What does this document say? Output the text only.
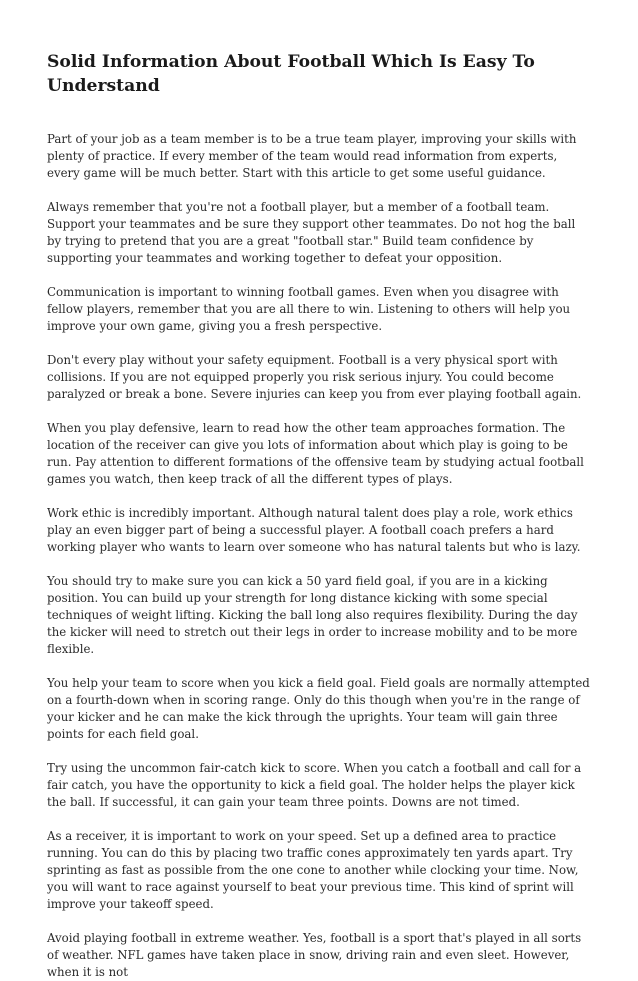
Solid Information About Football Which Is Easy To Understand

Part of your job as a team member is to be a true team player, improving your skills with plenty of practice. If every member of the team would read information from experts, every game will be much better. Start with this article to get some useful guidance.

Always remember that you're not a football player, but a member of a football team. Support your teammates and be sure they support other teammates. Do not hog the ball by trying to pretend that you are a great "football star." Build team confidence by supporting your teammates and working together to defeat your opposition.

Communication is important to winning football games. Even when you disagree with fellow players, remember that you are all there to win. Listening to others will help you improve your own game, giving you a fresh perspective.

Don't every play without your safety equipment. Football is a very physical sport with collisions. If you are not equipped properly you risk serious injury. You could become paralyzed or break a bone. Severe injuries can keep you from ever playing football again.

When you play defensive, learn to read how the other team approaches formation. The location of the receiver can give you lots of information about which play is going to be run. Pay attention to different formations of the offensive team by studying actual football games you watch, then keep track of all the different types of plays.

Work ethic is incredibly important. Although natural talent does play a role, work ethics play an even bigger part of being a successful player. A football coach prefers a hard working player who wants to learn over someone who has natural talents but who is lazy.

You should try to make sure you can kick a 50 yard field goal, if you are in a kicking position. You can build up your strength for long distance kicking with some special techniques of weight lifting. Kicking the ball long also requires flexibility. During the day the kicker will need to stretch out their legs in order to increase mobility and to be more flexible.

You help your team to score when you kick a field goal. Field goals are normally attempted on a fourth-down when in scoring range. Only do this though when you're in the range of your kicker and he can make the kick through the uprights. Your team will gain three points for each field goal.

Try using the uncommon fair-catch kick to score. When you catch a football and call for a fair catch, you have the opportunity to kick a field goal. The holder helps the player kick the ball. If successful, it can gain your team three points. Downs are not timed.

As a receiver, it is important to work on your speed. Set up a defined area to practice running. You can do this by placing two traffic cones approximately ten yards apart. Try sprinting as fast as possible from the one cone to another while clocking your time. Now, you will want to race against yourself to beat your previous time. This kind of sprint will improve your takeoff speed.

Avoid playing football in extreme weather. Yes, football is a sport that's played in all sorts of weather. NFL games have taken place in snow, driving rain and even sleet. However, when it is not
